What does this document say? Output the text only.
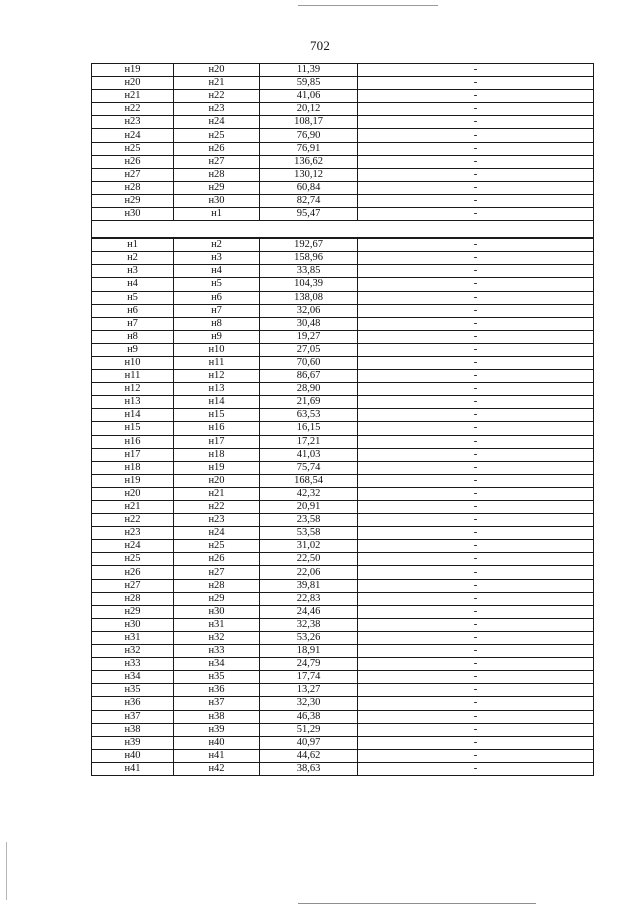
702
н19	н20	11,39	-
н20	н21	59,85	-
н21	н22	41,06	-
н22	н23	20,12	-
н23	н24	108,17	-
н24	н25	76,90	-
н25	н26	76,91	-
н26	н27	136,62	-
н27	н28	130,12	-
н28	н29	60,84	-
н29	н30	82,74	-
н30	н1	95,47	-

н1	н2	192,67	-
н2	н3	158,96	-
н3	н4	33,85	-
н4	н5	104,39	-
н5	н6	138,08	-
н6	н7	32,06	-
н7	н8	30,48	-
н8	н9	19,27	-
н9	н10	27,05	-
н10	н11	70,60	-
н11	н12	86,67	-
н12	н13	28,90	-
н13	н14	21,69	-
н14	н15	63,53	-
н15	н16	16,15	-
н16	н17	17,21	-
н17	н18	41,03	-
н18	н19	75,74	-
н19	н20	168,54	-
н20	н21	42,32	-
н21	н22	20,91	-
н22	н23	23,58	-
н23	н24	53,58	-
н24	н25	31,02	-
н25	н26	22,50	-
н26	н27	22,06	-
н27	н28	39,81	-
н28	н29	22,83	-
н29	н30	24,46	-
н30	н31	32,38	-
н31	н32	53,26	-
н32	н33	18,91	-
н33	н34	24,79	-
н34	н35	17,74	-
н35	н36	13,27	-
н36	н37	32,30	-
н37	н38	46,38	-
н38	н39	51,29	-
н39	н40	40,97	-
н40	н41	44,62	-
н41	н42	38,63	-
